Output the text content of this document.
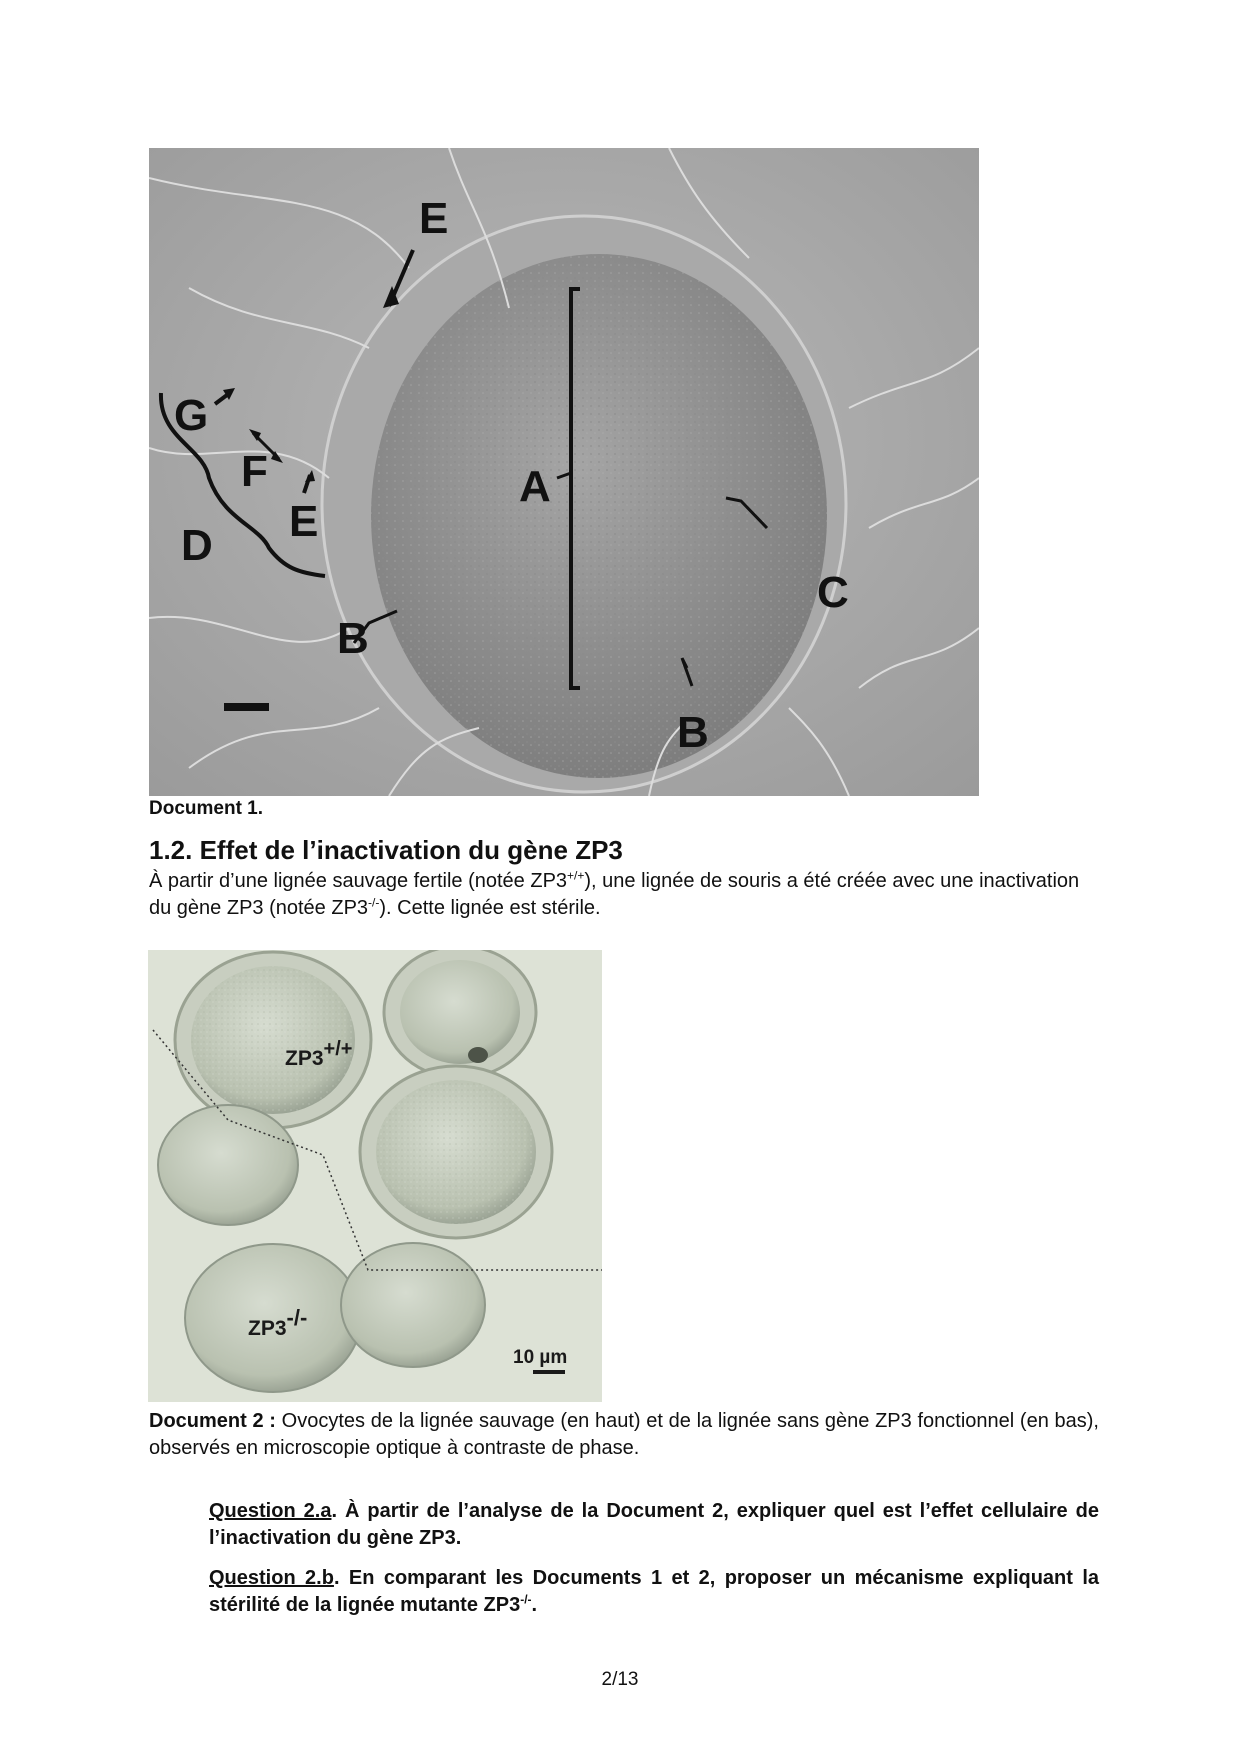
E
G
F	A
E
D
C
B
B
Document 1.
1.2. Effet de l’inactivation du gène ZP3
À partir d’une lignée sauvage fertile (notée ZP3+/+), une lignée de souris a été créée avec une inactivation du gène ZP3 (notée ZP3-/-). Cette lignée est stérile.
ZP3+/+
ZP3-/-
10 µm
Document 2 : Ovocytes de la lignée sauvage (en haut) et de la lignée sans gène ZP3 fonctionnel (en bas), observés en microscopie optique à contraste de phase.
Question 2.a. À partir de l’analyse de la Document 2, expliquer quel est l’effet cellulaire de l’inactivation du gène ZP3.
Question 2.b. En comparant les Documents 1 et 2, proposer un mécanisme expliquant la stérilité de la lignée mutante ZP3-/-.
2/13
